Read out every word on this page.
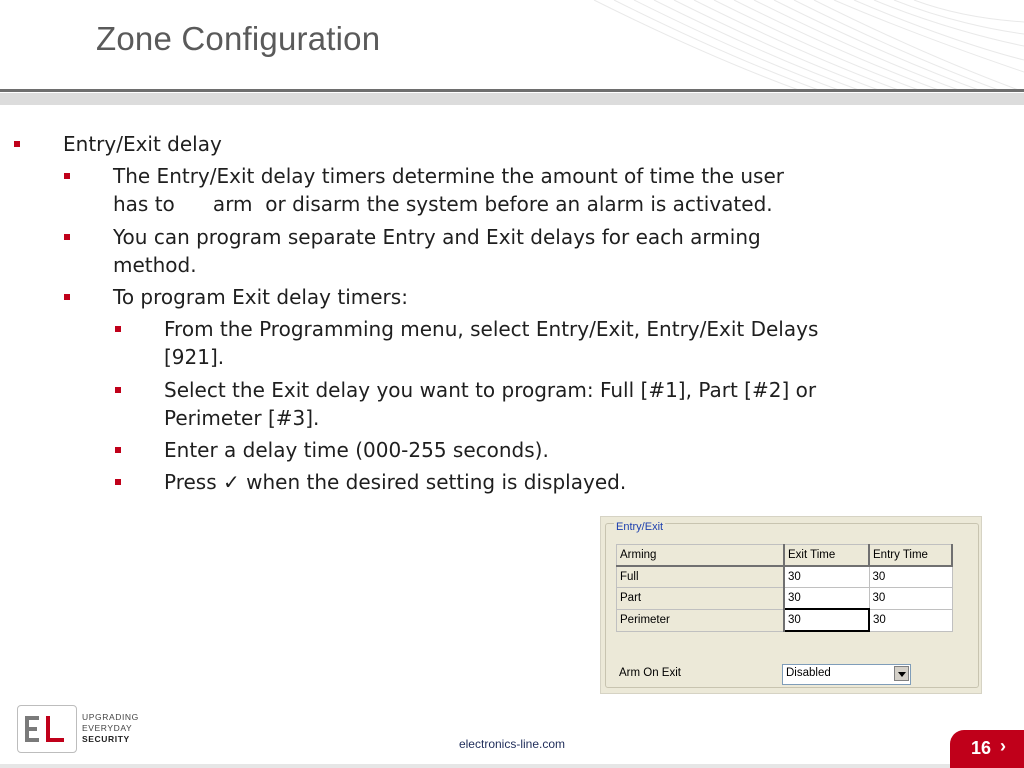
Zone Configuration
Entry/Exit delay
The Entry/Exit delay timers determine the amount of time the user
has to      arm  or disarm the system before an alarm is activated.
You can program separate Entry and Exit delays for each arming
method.
To program Exit delay timers:
From the Programming menu, select Entry/Exit, Entry/Exit Delays
[921].
Select the Exit delay you want to program: Full [#1], Part [#2] or
Perimeter [#3].
Enter a delay time (000-255 seconds).
Press ✓ when the desired setting is displayed.
Entry/Exit
Arming	Exit Time	Entry Time
Full	30	30
Part	30	30
Perimeter	30	30
Arm On Exit	Disabled
UPGRADING
EVERYDAY
SECURITY	electronics-line.com	16 ›
